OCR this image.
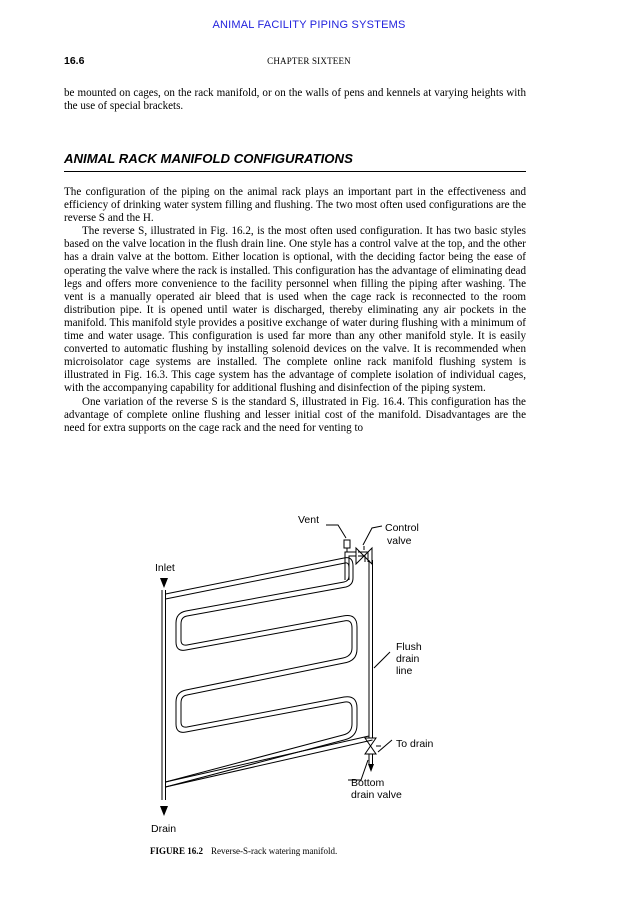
ANIMAL FACILITY PIPING SYSTEMS
16.6	CHAPTER SIXTEEN

be mounted on cages, on the rack manifold, or on the walls of pens and kennels at varying heights with the use of special brackets.

ANIMAL RACK MANIFOLD CONFIGURATIONS

The configuration of the piping on the animal rack plays an important part in the effectiveness and efficiency of drinking water system filling and flushing. The two most often used configurations are the reverse S and the H.

The reverse S, illustrated in Fig. 16.2, is the most often used configuration. It has two basic styles based on the valve location in the flush drain line. One style has a control valve at the top, and the other has a drain valve at the bottom. Either location is optional, with the deciding factor being the ease of operating the valve where the rack is installed. This configuration has the advantage of eliminating dead legs and offers more convenience to the facility personnel when filling the piping after washing. The vent is a manually operated air bleed that is used when the cage rack is reconnected to the room distribution pipe. It is opened until water is discharged, thereby eliminating any air pockets in the manifold. This manifold style provides a positive exchange of water during flushing with a minimum of time and water usage. This configuration is used far more than any other manifold style. It is easily converted to automatic flushing by installing solenoid devices on the valve. It is recommended when microisolator cage systems are installed. The complete online rack manifold flushing system is illustrated in Fig. 16.3. This cage system has the advantage of complete isolation of individual cages, with the accompanying capability for additional flushing and disinfection of the piping system.

One variation of the reverse S is the standard S, illustrated in Fig. 16.4. This configuration has the advantage of complete online flushing and lesser initial cost of the manifold. Disadvantages are the need for extra supports on the cage rack and the need for venting to

Vent
Control
valve
Inlet
Flush
drain
line
To drain
Bottom
drain valve
Drain
FIGURE 16.2 Reverse-S-rack watering manifold.
